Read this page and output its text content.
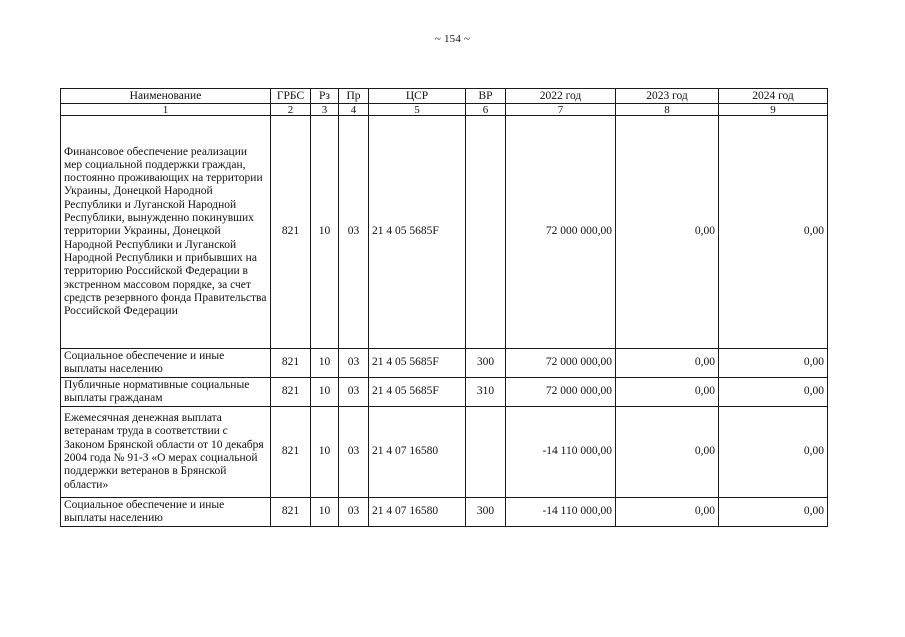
~ 154 ~
Наименование	ГРБС	Рз	Пр	ЦСР	ВР	2022 год	2023 год	2024 год
1	2	3	4	5	6	7	8	9
Финансовое обеспечение реализации мер социальной поддержки граждан, постоянно проживающих на территории Украины, Донецкой Народной Республики и Луганской Народной Республики, вынужденно покинувших территории Украины, Донецкой Народной Республики и Луганской Народной Республики и прибывших на территорию Российской Федерации в экстренном массовом порядке, за счет средств резервного фонда Правительства Российской Федерации	821	10	03	21 4 05 5685F		72 000 000,00	0,00	0,00
Социальное обеспечение и иные выплаты населению	821	10	03	21 4 05 5685F	300	72 000 000,00	0,00	0,00
Публичные нормативные социальные выплаты гражданам	821	10	03	21 4 05 5685F	310	72 000 000,00	0,00	0,00
Ежемесячная денежная выплата ветеранам труда в соответствии с Законом Брянской области от 10 декабря 2004 года № 91-З «О мерах социальной поддержки ветеранов в Брянской области»	821	10	03	21 4 07 16580		-14 110 000,00	0,00	0,00
Социальное обеспечение и иные выплаты населению	821	10	03	21 4 07 16580	300	-14 110 000,00	0,00	0,00
